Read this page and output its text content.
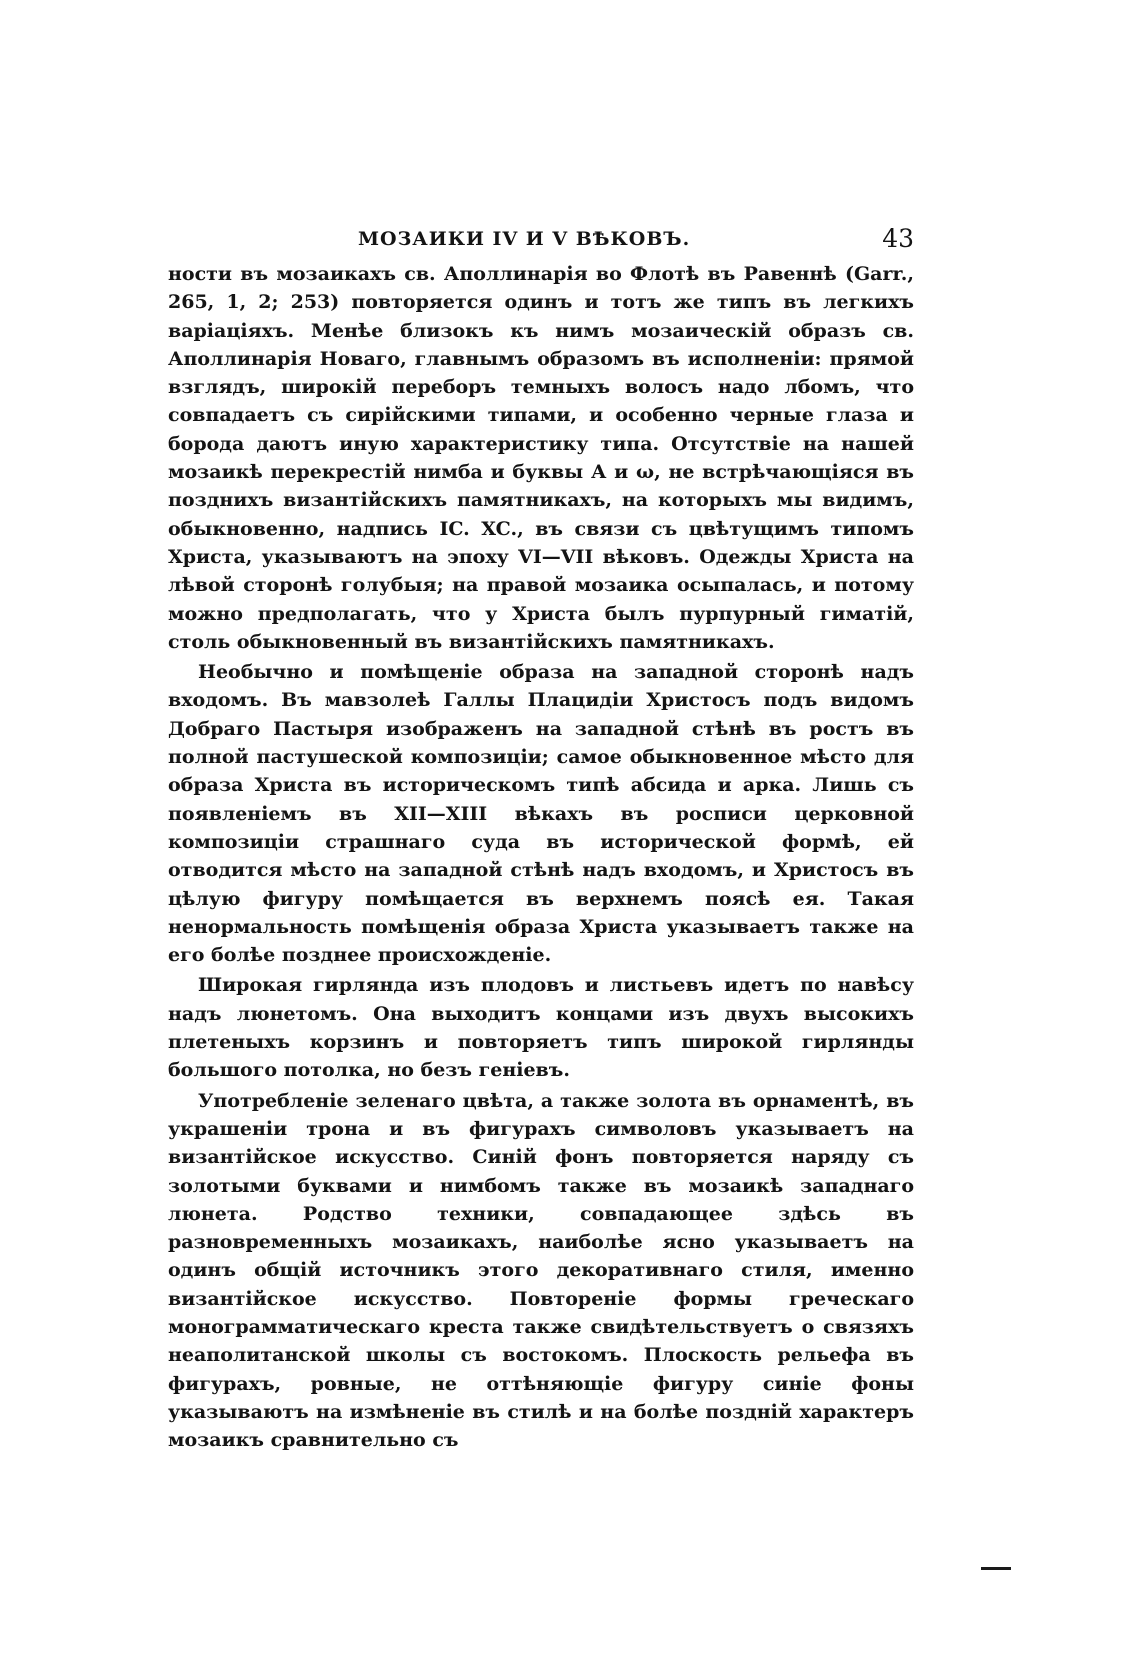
МОЗАИКИ IV И V ВѢКОВЪ.	43

ности въ мозаикахъ св. Аполлинарія во Флотѣ въ Равеннѣ (Garr., 265, 1, 2; 253) повторяется одинъ и тотъ же типъ въ легкихъ варіаціяхъ. Менѣе близокъ къ нимъ мозаическій образъ св. Аполлинарія Новаго, главнымъ образомъ въ исполненіи: прямой взглядъ, широкій переборъ темныхъ волосъ надо лбомъ, что совпадаетъ съ сирійскими типами, и особенно черные глаза и борода даютъ иную характеристику типа. Отсутствіе на нашей мозаикѣ перекрестій нимба и буквы А и ω, не встрѣчающіяся въ позднихъ византійскихъ памятникахъ, на которыхъ мы видимъ, обыкновенно, надпись IC. XC., въ связи съ цвѣтущимъ типомъ Христа, указываютъ на эпоху VI—VII вѣковъ. Одежды Христа на лѣвой сторонѣ голубыя; на правой мозаика осыпалась, и потому можно предполагать, что у Христа былъ пурпурный гиматій, столь обыкновенный въ византійскихъ памятникахъ.

Необычно и помѣщеніе образа на западной сторонѣ надъ входомъ. Въ мавзолеѣ Галлы Плацидіи Христосъ подъ видомъ Добраго Пастыря изображенъ на западной стѣнѣ въ ростъ въ полной пастушеской композиціи; самое обыкновенное мѣсто для образа Христа въ историческомъ типѣ абсида и арка. Лишь съ появленіемъ въ XII—XIII вѣкахъ въ росписи церковной композиціи страшнаго суда въ исторической формѣ, ей отводится мѣсто на западной стѣнѣ надъ входомъ, и Христосъ въ цѣлую фигуру помѣщается въ верхнемъ поясѣ ея. Такая ненормальность помѣщенія образа Христа указываетъ также на его болѣе позднее происхожденіе.

Широкая гирлянда изъ плодовъ и листьевъ идетъ по навѣсу надъ люнетомъ. Она выходитъ концами изъ двухъ высокихъ плетеныхъ корзинъ и повторяетъ типъ широкой гирлянды большого потолка, но безъ геніевъ.

Употребленіе зеленаго цвѣта, а также золота въ орнаментѣ, въ украшеніи трона и въ фигурахъ символовъ указываетъ на византійское искусство. Синій фонъ повторяется наряду съ золотыми буквами и нимбомъ также въ мозаикѣ западнаго люнета. Родство техники, совпадающее здѣсь въ разновременныхъ мозаикахъ, наиболѣе ясно указываетъ на одинъ общій источникъ этого декоративнаго стиля, именно византійское искусство. Повтореніе формы греческаго монограмматическаго креста также свидѣтельствуетъ о связяхъ неаполитанской школы съ востокомъ. Плоскость рельефа въ фигурахъ, ровные, не оттѣняющіе фигуру синіе фоны указываютъ на измѣненіе въ стилѣ и на болѣе поздній характеръ мозаикъ сравнительно съ
